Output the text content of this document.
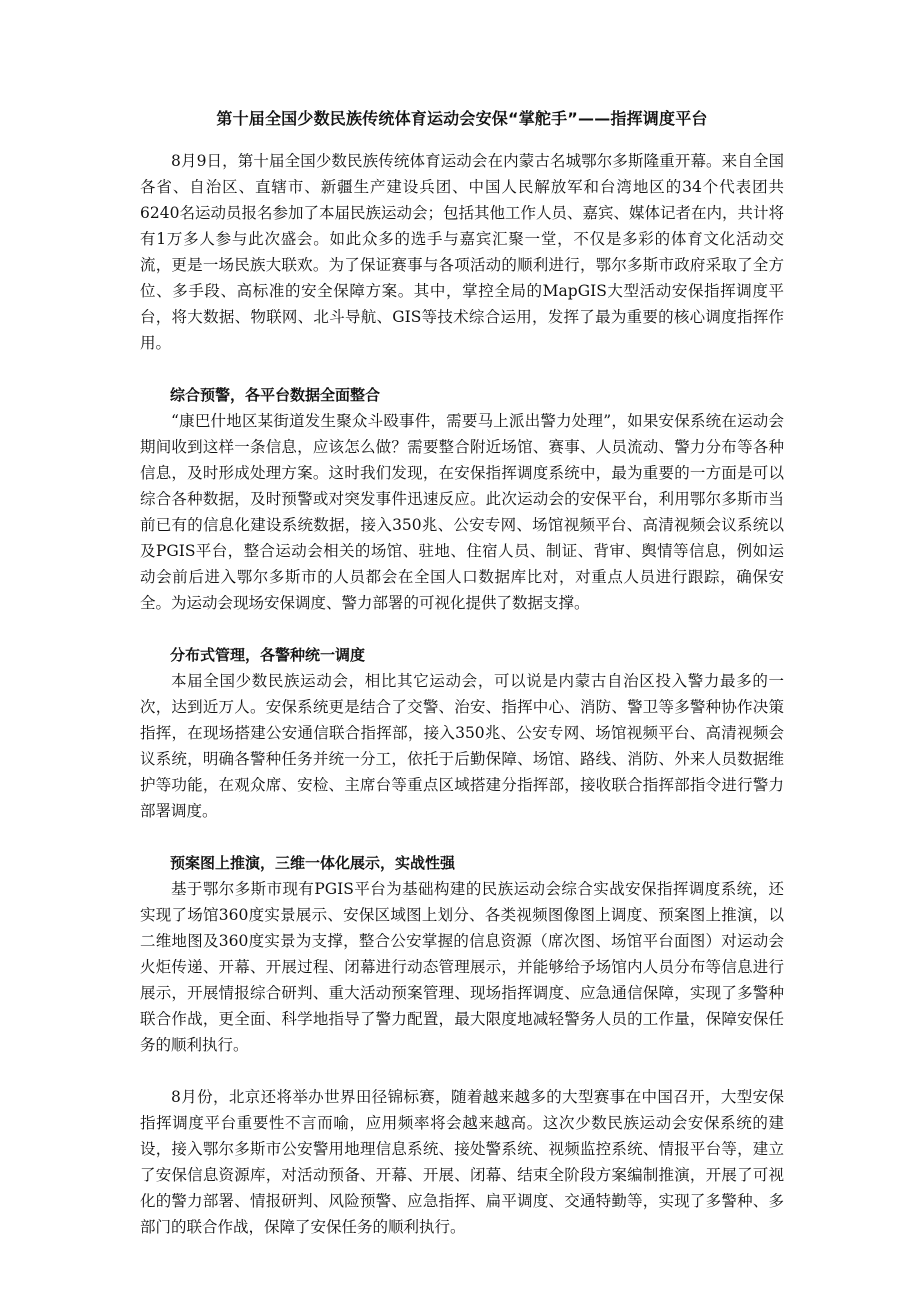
第十届全国少数民族传统体育运动会安保“掌舵手”——指挥调度平台

8月9日，第十届全国少数民族传统体育运动会在内蒙古名城鄂尔多斯隆重开幕。来自全国各省、自治区、直辖市、新疆生产建设兵团、中国人民解放军和台湾地区的34个代表团共6240名运动员报名参加了本届民族运动会；包括其他工作人员、嘉宾、媒体记者在内，共计将有1万多人参与此次盛会。如此众多的选手与嘉宾汇聚一堂，不仅是多彩的体育文化活动交流，更是一场民族大联欢。为了保证赛事与各项活动的顺利进行，鄂尔多斯市政府采取了全方位、多手段、高标准的安全保障方案。其中，掌控全局的MapGIS大型活动安保指挥调度平台，将大数据、物联网、北斗导航、GIS等技术综合运用，发挥了最为重要的核心调度指挥作用。

综合预警，各平台数据全面整合

“康巴什地区某街道发生聚众斗殴事件，需要马上派出警力处理”，如果安保系统在运动会期间收到这样一条信息，应该怎么做？需要整合附近场馆、赛事、人员流动、警力分布等各种信息，及时形成处理方案。这时我们发现，在安保指挥调度系统中，最为重要的一方面是可以综合各种数据，及时预警或对突发事件迅速反应。此次运动会的安保平台，利用鄂尔多斯市当前已有的信息化建设系统数据，接入350兆、公安专网、场馆视频平台、高清视频会议系统以及PGIS平台，整合运动会相关的场馆、驻地、住宿人员、制证、背审、舆情等信息，例如运动会前后进入鄂尔多斯市的人员都会在全国人口数据库比对，对重点人员进行跟踪，确保安全。为运动会现场安保调度、警力部署的可视化提供了数据支撑。

分布式管理，各警种统一调度

本届全国少数民族运动会，相比其它运动会，可以说是内蒙古自治区投入警力最多的一次，达到近万人。安保系统更是结合了交警、治安、指挥中心、消防、警卫等多警种协作决策指挥，在现场搭建公安通信联合指挥部，接入350兆、公安专网、场馆视频平台、高清视频会议系统，明确各警种任务并统一分工，依托于后勤保障、场馆、路线、消防、外来人员数据维护等功能，在观众席、安检、主席台等重点区域搭建分指挥部，接收联合指挥部指令进行警力部署调度。

预案图上推演，三维一体化展示，实战性强

基于鄂尔多斯市现有PGIS平台为基础构建的民族运动会综合实战安保指挥调度系统，还实现了场馆360度实景展示、安保区域图上划分、各类视频图像图上调度、预案图上推演，以二维地图及360度实景为支撑，整合公安掌握的信息资源（席次图、场馆平台面图）对运动会火炬传递、开幕、开展过程、闭幕进行动态管理展示，并能够给予场馆内人员分布等信息进行展示，开展情报综合研判、重大活动预案管理、现场指挥调度、应急通信保障，实现了多警种联合作战，更全面、科学地指导了警力配置，最大限度地减轻警务人员的工作量，保障安保任务的顺利执行。

8月份，北京还将举办世界田径锦标赛，随着越来越多的大型赛事在中国召开，大型安保指挥调度平台重要性不言而喻，应用频率将会越来越高。这次少数民族运动会安保系统的建设，接入鄂尔多斯市公安警用地理信息系统、接处警系统、视频监控系统、情报平台等，建立了安保信息资源库，对活动预备、开幕、开展、闭幕、结束全阶段方案编制推演，开展了可视化的警力部署、情报研判、风险预警、应急指挥、扁平调度、交通特勤等，实现了多警种、多部门的联合作战，保障了安保任务的顺利执行。
